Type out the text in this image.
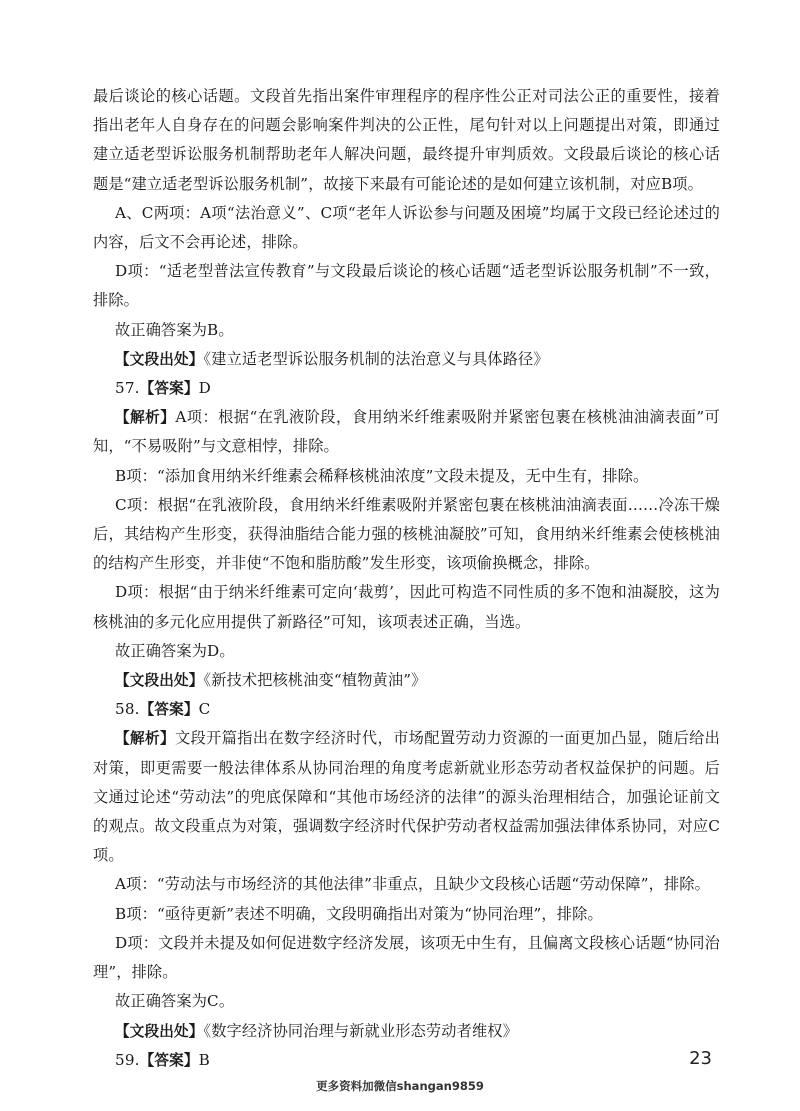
最后谈论的核心话题。文段首先指出案件审理程序的程序性公正对司法公正的重要性，接着指出老年人自身存在的问题会影响案件判决的公正性，尾句针对以上问题提出对策，即通过建立适老型诉讼服务机制帮助老年人解决问题，最终提升审判质效。文段最后谈论的核心话题是“建立适老型诉讼服务机制”，故接下来最有可能论述的是如何建立该机制，对应B项。

A、C两项：A项“法治意义”、C项“老年人诉讼参与问题及困境”均属于文段已经论述过的内容，后文不会再论述，排除。

D项：“适老型普法宣传教育”与文段最后谈论的核心话题“适老型诉讼服务机制”不一致，排除。

故正确答案为B。

【文段出处】《建立适老型诉讼服务机制的法治意义与具体路径》

57.【答案】D

【解析】A项：根据“在乳液阶段，食用纳米纤维素吸附并紧密包裹在核桃油油滴表面”可知，“不易吸附”与文意相悖，排除。

B项：“添加食用纳米纤维素会稀释核桃油浓度”文段未提及，无中生有，排除。

C项：根据“在乳液阶段，食用纳米纤维素吸附并紧密包裹在核桃油油滴表面……冷冻干燥后，其结构产生形变，获得油脂结合能力强的核桃油凝胶”可知，食用纳米纤维素会使核桃油的结构产生形变，并非使“不饱和脂肪酸”发生形变，该项偷换概念，排除。

D项：根据“由于纳米纤维素可定向‘裁剪’，因此可构造不同性质的多不饱和油凝胶，这为核桃油的多元化应用提供了新路径”可知，该项表述正确，当选。

故正确答案为D。

【文段出处】《新技术把核桃油变“植物黄油”》

58.【答案】C

【解析】文段开篇指出在数字经济时代，市场配置劳动力资源的一面更加凸显，随后给出对策，即更需要一般法律体系从协同治理的角度考虑新就业形态劳动者权益保护的问题。后文通过论述“劳动法”的兜底保障和“其他市场经济的法律”的源头治理相结合，加强论证前文的观点。故文段重点为对策，强调数字经济时代保护劳动者权益需加强法律体系协同，对应C项。

A项：“劳动法与市场经济的其他法律”非重点，且缺少文段核心话题“劳动保障”，排除。

B项：“亟待更新”表述不明确，文段明确指出对策为“协同治理”，排除。

D项：文段并未提及如何促进数字经济发展，该项无中生有，且偏离文段核心话题“协同治理”，排除。

故正确答案为C。

【文段出处】《数字经济协同治理与新就业形态劳动者维权》

59.【答案】B	23
更多资料加微信shangan9859
